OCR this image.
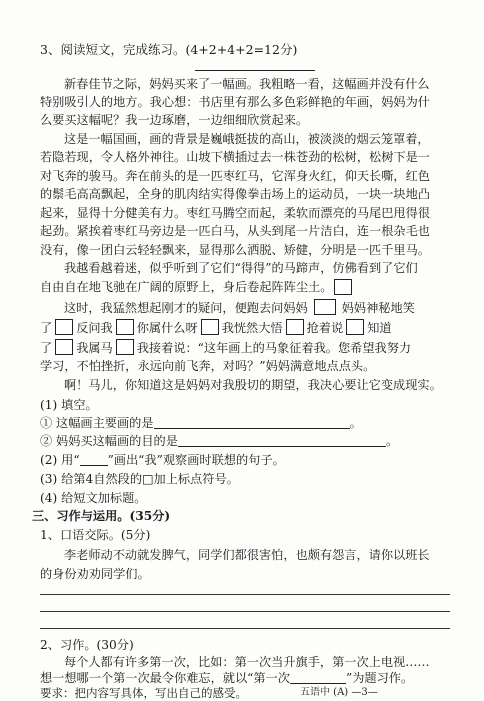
3、阅读短文，完成练习。(4+2+4+2=12分)
新春佳节之际，妈妈买来了一幅画。我粗略一看，这幅画并没有什么
特别吸引人的地方。我心想：书店里有那么多色彩鲜艳的年画，妈妈为什
么要买这幅呢？我一边琢磨，一边细细欣赏起来。
这是一幅国画，画的背景是巍峨挺拔的高山，被淡淡的烟云笼罩着，
若隐若现，令人格外神往。山坡下横插过去一株苍劲的松树，松树下是一
对飞奔的骏马。奔在前头的是一匹枣红马，它浑身火红，仰天长嘶，红色
的鬃毛高高飘起，全身的肌肉结实得像拳击场上的运动员，一块一块地凸
起来，显得十分健美有力。枣红马腾空而起，柔软而漂亮的马尾巴甩得很
起劲。紧挨着枣红马旁边是一匹白马，从头到尾一片洁白，连一根杂毛也
没有，像一团白云轻轻飘来，显得那么洒脱、矫健，分明是一匹千里马。
我越看越着迷，似乎听到了它们“得得”的马蹄声，仿佛看到了它们
自由自在地飞驰在广阔的原野上，身后卷起阵阵尘土。
这时，我猛然想起刚才的疑问，便跑去问妈妈	妈妈神秘地笑
了 反问我 你属什么呀 我恍然大悟 抢着说 知道
了 我属马 我接着说：“这年画上的马象征着我。您希望我努力
学习，不怕挫折，永远向前飞奔，对吗？”妈妈满意地点点头。
啊！马儿，你知道这是妈妈对我殷切的期望，我决心要让它变成现实。
(1) 填空。
① 这幅画主要画的是	。
② 妈妈买这幅画的目的是	。
(2) 用“ ”画出“我”观察画时联想的句子。
(3) 给第4自然段的□加上标点符号。
(4) 给短文加标题。
三、习作与运用。(35分)
1、口语交际。(5分)
李老师动不动就发脾气，同学们都很害怕，也颇有怨言，请你以班长
的身份劝劝同学们。
2、习作。(30分)
每个人都有许多第一次，比如：第一次当升旗手，第一次上电视……
想一想哪一个第一次最令你难忘，就以“第一次	”为题习作。
要求：把内容写具体，写出自己的感受。	五语中 (A) —3—
